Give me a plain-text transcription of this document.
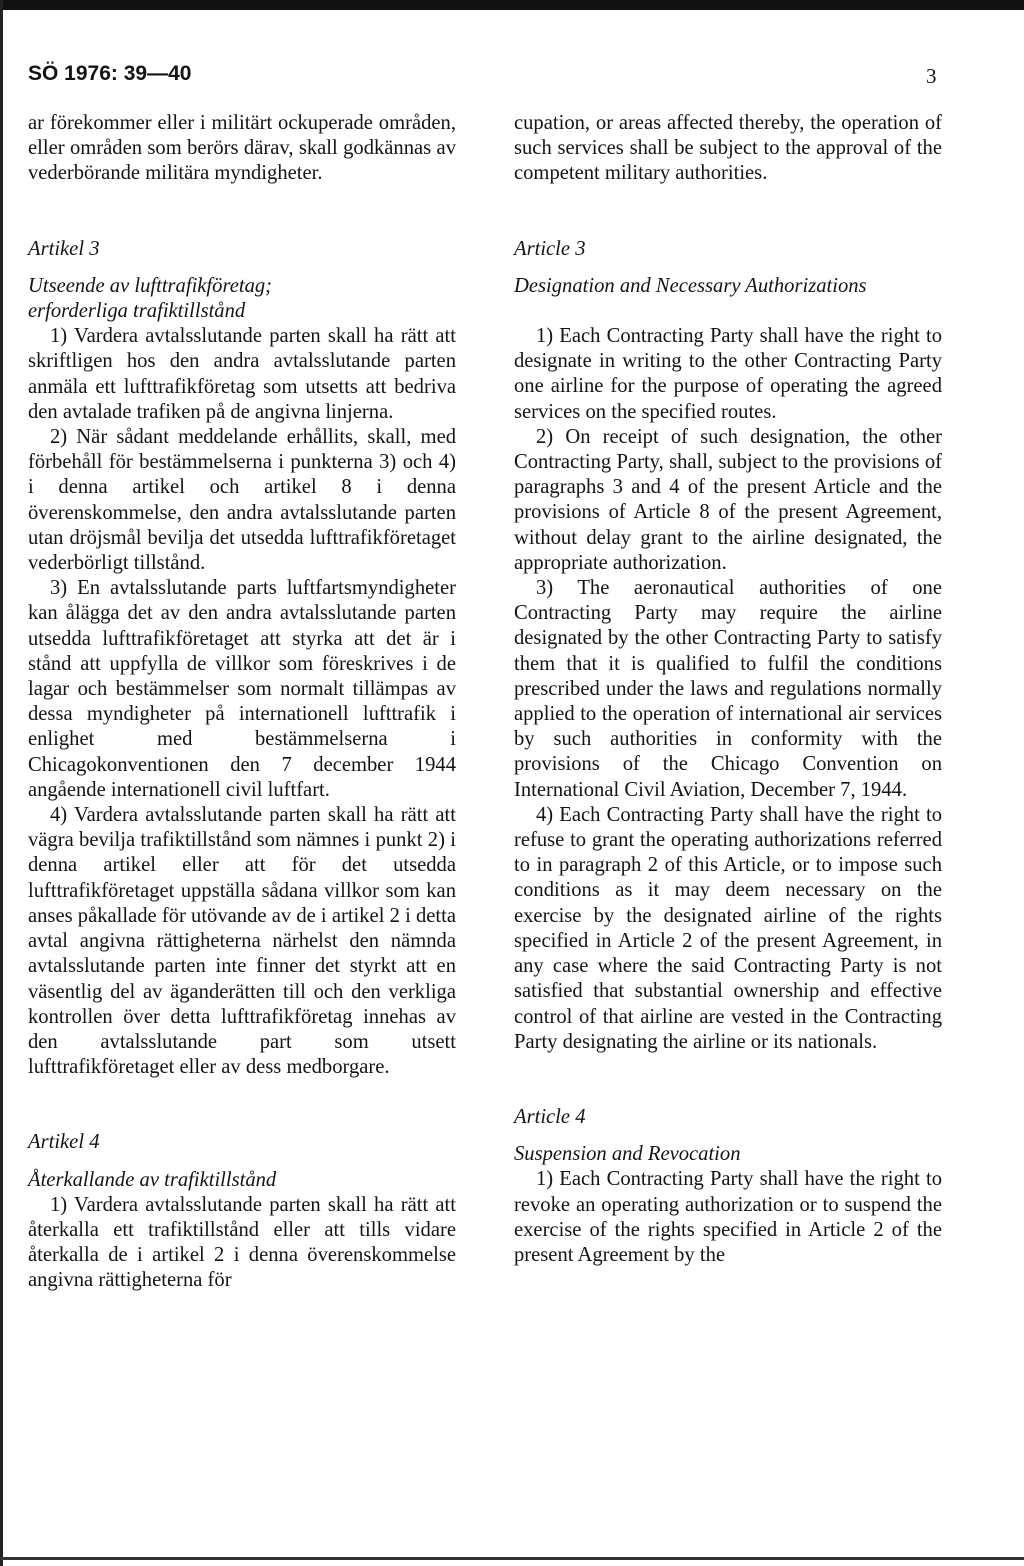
SÖ 1976: 39—40	3

ar förekommer eller i militärt ockuperade områden, eller områden som berörs därav, skall godkännas av vederbörande militära myndigheter.

Artikel 3

Utseende av lufttrafikföretag;

erforderliga trafiktillstånd

1) Vardera avtalsslutande parten skall ha rätt att skriftligen hos den andra avtalsslutande parten anmäla ett lufttrafikföretag som utsetts att bedriva den avtalade trafiken på de angivna linjerna.

2) När sådant meddelande erhållits, skall, med förbehåll för bestämmelserna i punkterna 3) och 4) i denna artikel och artikel 8 i denna överenskommelse, den andra avtalsslutande parten utan dröjsmål bevilja det utsedda lufttrafikföretaget vederbörligt tillstånd.

3) En avtalsslutande parts luftfartsmyndigheter kan ålägga det av den andra avtalsslutande parten utsedda lufttrafikföretaget att styrka att det är i stånd att uppfylla de villkor som föreskrives i de lagar och bestämmelser som normalt tillämpas av dessa myndigheter på internationell lufttrafik i enlighet med bestämmelserna i Chicagokonventionen den 7 december 1944 angående internationell civil luftfart.

4) Vardera avtalsslutande parten skall ha rätt att vägra bevilja trafiktillstånd som nämnes i punkt 2) i denna artikel eller att för det utsedda lufttrafikföretaget uppställa sådana villkor som kan anses påkallade för utövande av de i artikel 2 i detta avtal angivna rättigheterna närhelst den nämnda avtalsslutande parten inte finner det styrkt att en väsentlig del av äganderätten till och den verkliga kontrollen över detta lufttrafikföretag innehas av den avtalsslutande part som utsett lufttrafikföretaget eller av dess medborgare.

Artikel 4

Återkallande av trafiktillstånd

1) Vardera avtalsslutande parten skall ha rätt att återkalla ett trafiktillstånd eller att tills vidare återkalla de i artikel 2 i denna överenskommelse angivna rättigheterna för

cupation, or areas affected thereby, the operation of such services shall be subject to the approval of the competent military authorities.

Article 3

Designation and Necessary Authorizations

1) Each Contracting Party shall have the right to designate in writing to the other Contracting Party one airline for the purpose of operating the agreed services on the specified routes.

2) On receipt of such designation, the other Contracting Party, shall, subject to the provisions of paragraphs 3 and 4 of the present Article and the provisions of Article 8 of the present Agreement, without delay grant to the airline designated, the appropriate authorization.

3) The aeronautical authorities of one Contracting Party may require the airline designated by the other Contracting Party to satisfy them that it is qualified to fulfil the conditions prescribed under the laws and regulations normally applied to the operation of international air services by such authorities in conformity with the provisions of the Chicago Convention on International Civil Aviation, December 7, 1944.

4) Each Contracting Party shall have the right to refuse to grant the operating authorizations referred to in paragraph 2 of this Article, or to impose such conditions as it may deem necessary on the exercise by the designated airline of the rights specified in Article 2 of the present Agreement, in any case where the said Contracting Party is not satisfied that substantial ownership and effective control of that airline are vested in the Contracting Party designating the airline or its nationals.

Article 4

Suspension and Revocation

1) Each Contracting Party shall have the right to revoke an operating authorization or to suspend the exercise of the rights specified in Article 2 of the present Agreement by the
